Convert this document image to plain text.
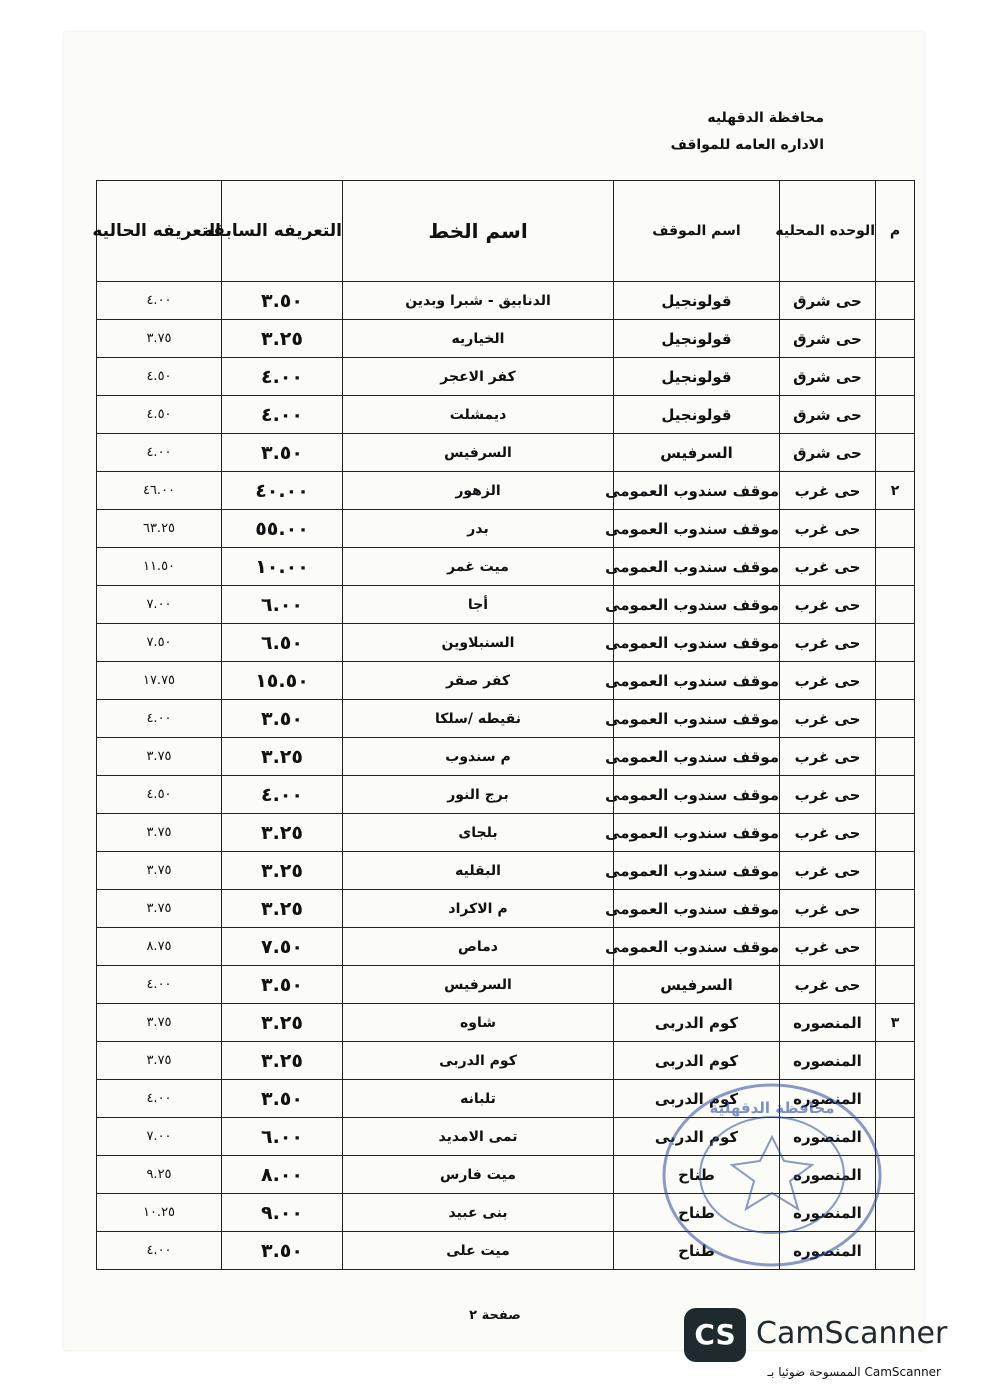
محافظة الدقهليه
الاداره العامه للمواقف
م	الوحده المحليه	اسم الموقف	اسم الخط	التعريفه السابقه	التعريفه الحاليه
	حى شرق	قولونجيل	الدنابيق - شبرا وبدين	٣.٥٠	٤.٠٠
	حى شرق	قولونجيل	الخياريه	٣.٢٥	٣.٧٥
	حى شرق	قولونجيل	كفر الاعجر	٤.٠٠	٤.٥٠
	حى شرق	قولونجيل	ديمشلت	٤.٠٠	٤.٥٠
	حى شرق	السرفيس	السرفيس	٣.٥٠	٤.٠٠
٢	حى غرب	موقف سندوب العمومى	الزهور	٤٠.٠٠	٤٦.٠٠
	حى غرب	موقف سندوب العمومى	بدر	٥٥.٠٠	٦٣.٢٥
	حى غرب	موقف سندوب العمومى	ميت غمر	١٠.٠٠	١١.٥٠
	حى غرب	موقف سندوب العمومى	أجا	٦.٠٠	٧.٠٠
	حى غرب	موقف سندوب العمومى	السنبلاوين	٦.٥٠	٧.٥٠
	حى غرب	موقف سندوب العمومى	كفر صقر	١٥.٥٠	١٧.٧٥
	حى غرب	موقف سندوب العمومى	نقيطه /سلكا	٣.٥٠	٤.٠٠
	حى غرب	موقف سندوب العمومى	م سندوب	٣.٢٥	٣.٧٥
	حى غرب	موقف سندوب العمومى	برج النور	٤.٠٠	٤.٥٠
	حى غرب	موقف سندوب العمومى	بلجاى	٣.٢٥	٣.٧٥
	حى غرب	موقف سندوب العمومى	البقليه	٣.٢٥	٣.٧٥
	حى غرب	موقف سندوب العمومى	م الاكراد	٣.٢٥	٣.٧٥
	حى غرب	موقف سندوب العمومى	دماص	٧.٥٠	٨.٧٥
	حى غرب	السرفيس	السرفيس	٣.٥٠	٤.٠٠
٣	المنصوره	كوم الدربى	شاوه	٣.٢٥	٣.٧٥
	المنصوره	كوم الدربى	كوم الدربى	٣.٢٥	٣.٧٥
	المنصوره	كوم الدربى	تلبانه	٣.٥٠	٤.٠٠
	المنصوره	كوم الدربى	تمى الامديد	٦.٠٠	٧.٠٠
	المنصوره	طناح	ميت فارس	٨.٠٠	٩.٢٥
	المنصوره	طناح	بنى عبيد	٩.٠٠	١٠.٢٥
	المنصوره	طناح	ميت على	٣.٥٠	٤.٠٠
صفحة ٢
محافظة الدقهلية
CS CamScanner
الممسوحة ضوئيا بـ CamScanner
